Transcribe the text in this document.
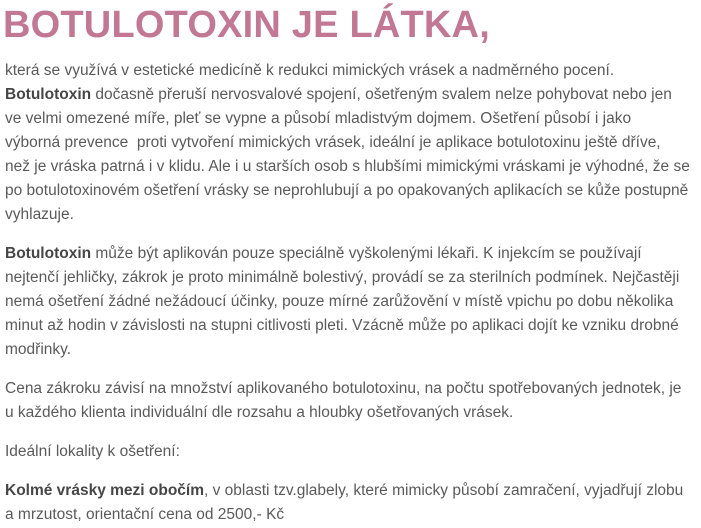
BOTULOTOXIN JE LÁTKA,
která se využívá v estetické medicíně k redukci mimických vrásek a nadměrného pocení.
Botulotoxin dočasně přeruší nervosvalové spojení, ošetřeným svalem nelze pohybovat nebo jen
ve velmi omezené míře, pleť se vypne a působí mladistvým dojmem. Ošetření působí i jako
výborná prevence  proti vytvoření mimických vrásek, ideální je aplikace botulotoxinu ještě dříve,
než je vráska patrná i v klidu. Ale i u starších osob s hlubšími mimickými vráskami je výhodné, že se
po botulotoxinovém ošetření vrásky se neprohlubují a po opakovaných aplikacích se kůže postupně
vyhlazuje.
Botulotoxin může být aplikován pouze speciálně vyškolenými lékaři. K injekcím se používají
nejtenčí jehličky, zákrok je proto minimálně bolestivý, provádí se za sterilních podmínek. Nejčastěji
nemá ošetření žádné nežádoucí účinky, pouze mírné zarůžovění v místě vpichu po dobu několika
minut až hodin v závislosti na stupni citlivosti pleti. Vzácně může po aplikaci dojít ke vzniku drobné
modřinky.
Cena zákroku závisí na množství aplikovaného botulotoxinu, na počtu spotřebovaných jednotek, je
u každého klienta individuální dle rozsahu a hloubky ošetřovaných vrásek.
Ideální lokality k ošetření:
Kolmé vrásky mezi obočím, v oblasti tzv.glabely, které mimicky působí zamračení, vyjadřují zlobu
a mrzutost, orientační cena od 2500,- Kč
